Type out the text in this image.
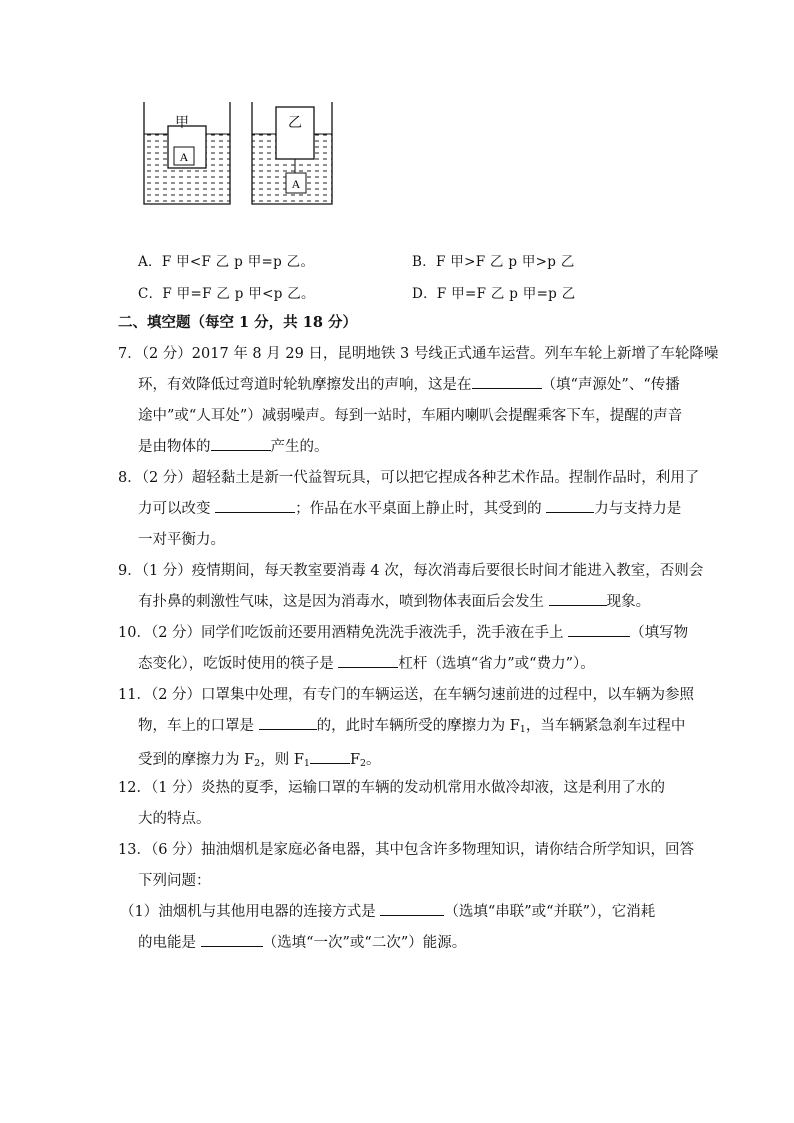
A
A
甲	乙
A．F 甲<F 乙 p 甲=p 乙。	B．F 甲>F 乙 p 甲>p 乙
C．F 甲=F 乙 p 甲<p 乙。	D．F 甲=F 乙 p 甲=p 乙
二、填空题（每空 1 分，共 18 分）
7．（2 分）2017 年 8 月 29 日，昆明地铁 3 号线正式通车运营。列车车轮上新增了车轮降噪
环，有效降低过弯道时轮轨摩擦发出的声响，这是在	（填“声源处”、“传播
途中”或“人耳处”）减弱噪声。每到一站时，车厢内喇叭会提醒乘客下车，提醒的声音
是由物体的	产生的。
8．（2 分）超轻黏土是新一代益智玩具，可以把它捏成各种艺术作品。捏制作品时，利用了
力可以改变	；作品在水平桌面上静止时，其受到的	力与支持力是
一对平衡力。
9．（1 分）疫情期间，每天教室要消毒 4 次，每次消毒后要很长时间才能进入教室，否则会
有扑鼻的刺激性气味，这是因为消毒水，喷到物体表面后会发生	现象。
10．（2 分）同学们吃饭前还要用酒精免洗洗手液洗手，洗手液在手上	（填写物
态变化），吃饭时使用的筷子是	杠杆（选填“省力”或“费力”）。
11．（2 分）口罩集中处理，有专门的车辆运送，在车辆匀速前进的过程中，以车辆为参照
物，车上的口罩是	的，此时车辆所受的摩擦力为 $F_1$，当车辆紧急刹车过程中
受到的摩擦力为 $F_2$，则 $F_1$	$F_2$。
12．（1 分）炎热的夏季，运输口罩的车辆的发动机常用水做冷却液，这是利用了水的
大的特点。
13．（6 分）抽油烟机是家庭必备电器，其中包含许多物理知识，请你结合所学知识，回答
下列问题：
（1）油烟机与其他用电器的连接方式是	（选填“串联”或“并联”），它消耗
的电能是	（选填“一次”或“二次”）能源。
